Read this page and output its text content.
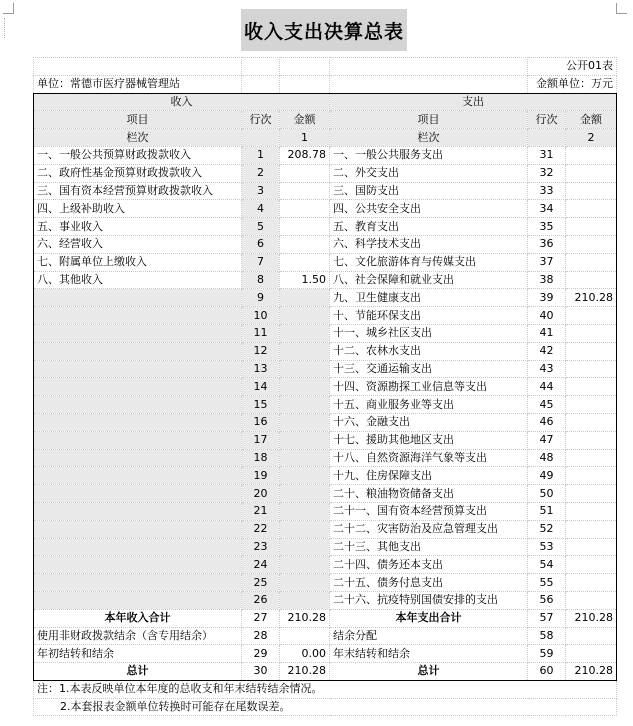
收入支出决算总表
				公开01表	
单位：常德市医疗器械管理站				金额单位：万元	
收入			支出		
项目	行次	金额	项目	行次	金额
栏次		1	栏次		2
一、一般公共预算财政拨款收入	1	208.78	一、一般公共服务支出	31	
二、政府性基金预算财政拨款收入	2		二、外交支出	32	
三、国有资本经营预算财政拨款收入	3		三、国防支出	33	
四、上级补助收入	4		四、公共安全支出	34	
五、事业收入	5		五、教育支出	35	
六、经营收入	6		六、科学技术支出	36	
七、附属单位上缴收入	7		七、文化旅游体育与传媒支出	37	
八、其他收入	8	1.50	八、社会保障和就业支出	38	
	9		九、卫生健康支出	39	210.28
	10		十、节能环保支出	40	
	11		十一、城乡社区支出	41	
	12		十二、农林水支出	42	
	13		十三、交通运输支出	43	
	14		十四、资源勘探工业信息等支出	44	
	15		十五、商业服务业等支出	45	
	16		十六、金融支出	46	
	17		十七、援助其他地区支出	47	
	18		十八、自然资源海洋气象等支出	48	
	19		十九、住房保障支出	49	
	20		二十、粮油物资储备支出	50	
	21		二十一、国有资本经营预算支出	51	
	22		二十二、灾害防治及应急管理支出	52	
	23		二十三、其他支出	53	
	24		二十四、债务还本支出	54	
	25		二十五、债务付息支出	55	
	26		二十六、抗疫特别国债安排的支出	56	
本年收入合计	27	210.28	本年支出合计	57	210.28
使用非财政拨款结余（含专用结余）	28		结余分配	58	
年初结转和结余	29	0.00	年末结转和结余	59	
总计	30	210.28	总计	60	210.28
注：1.本表反映单位本年度的总收支和年末结转结余情况。					
2.本套报表金额单位转换时可能存在尾数误差。					
